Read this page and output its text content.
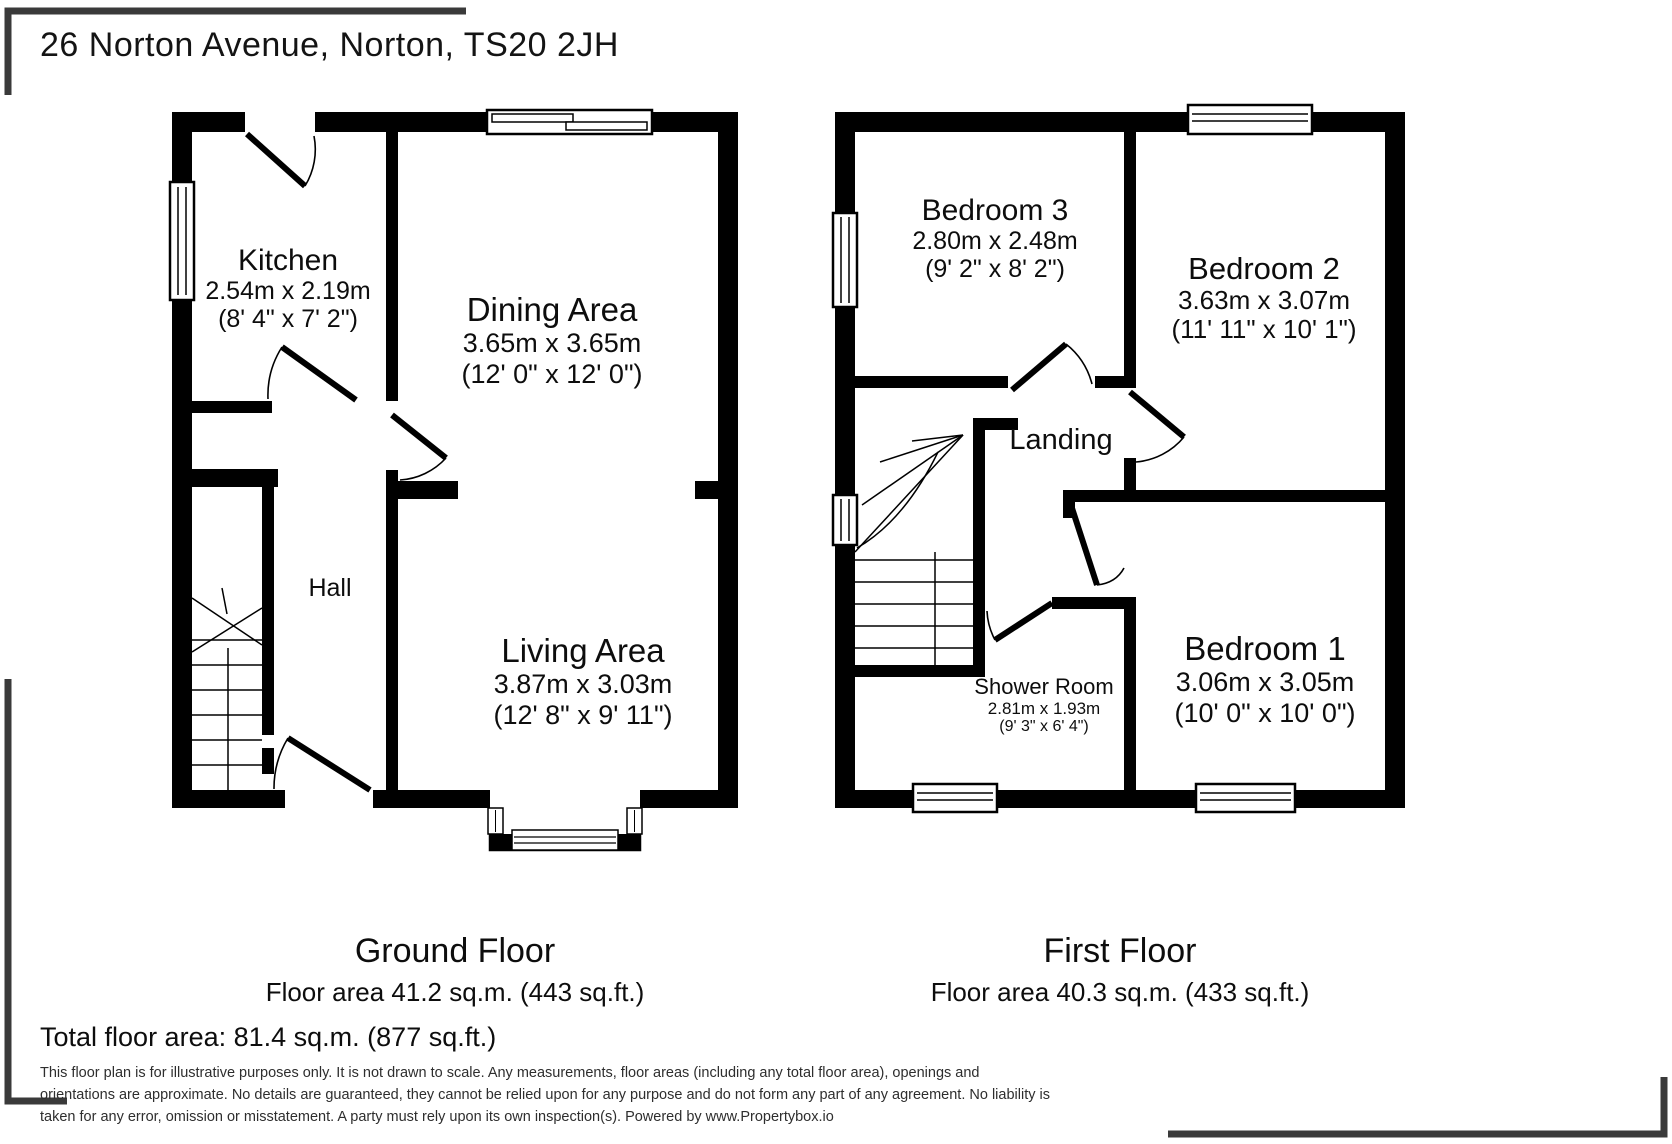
26 Norton Avenue, Norton, TS20 2JH
Kitchen
2.54m x 2.19m
(8' 4" x 7' 2")	Dining Area
3.65m x 3.65m
(12' 0" x 12' 0")
Hall
Living Area
3.87m x 3.03m
(12' 8" x 9' 11")
Bedroom 3
2.80m x 2.48m
(9' 2" x 8' 2")	Bedroom 2
3.63m x 3.07m
(11' 11" x 10' 1")
Landing
Shower Room
2.81m x 1.93m
(9' 3" x 6' 4")
Bedroom 1
3.06m x 3.05m
(10' 0" x 10' 0")
Ground Floor
Floor area 41.2 sq.m. (443 sq.ft.)
First Floor
Floor area 40.3 sq.m. (433 sq.ft.)
Total floor area: 81.4 sq.m. (877 sq.ft.)
This floor plan is for illustrative purposes only. It is not drawn to scale. Any measurements, floor areas (including any total floor area), openings and
orientations are approximate. No details are guaranteed, they cannot be relied upon for any purpose and do not form any part of any agreement. No liability is
taken for any error, omission or misstatement. A party must rely upon its own inspection(s). Powered by www.Propertybox.io
